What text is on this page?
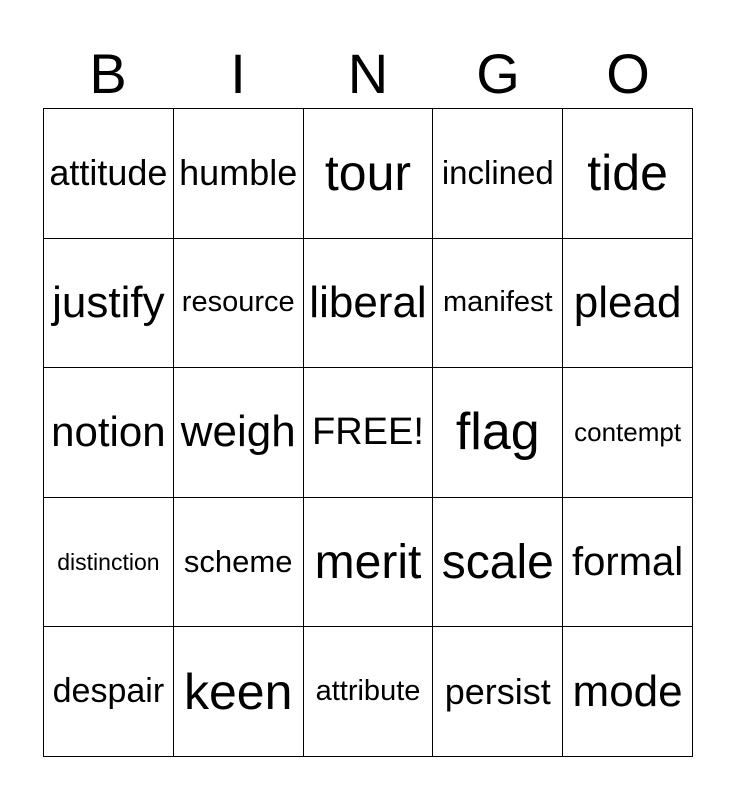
B	I	N	G	O
attitude humble tour inclined tide
justify resource liberal manifest plead
notion weigh FREE! flag contempt
distinction scheme merit scale formal
despair keen attribute persist mode
